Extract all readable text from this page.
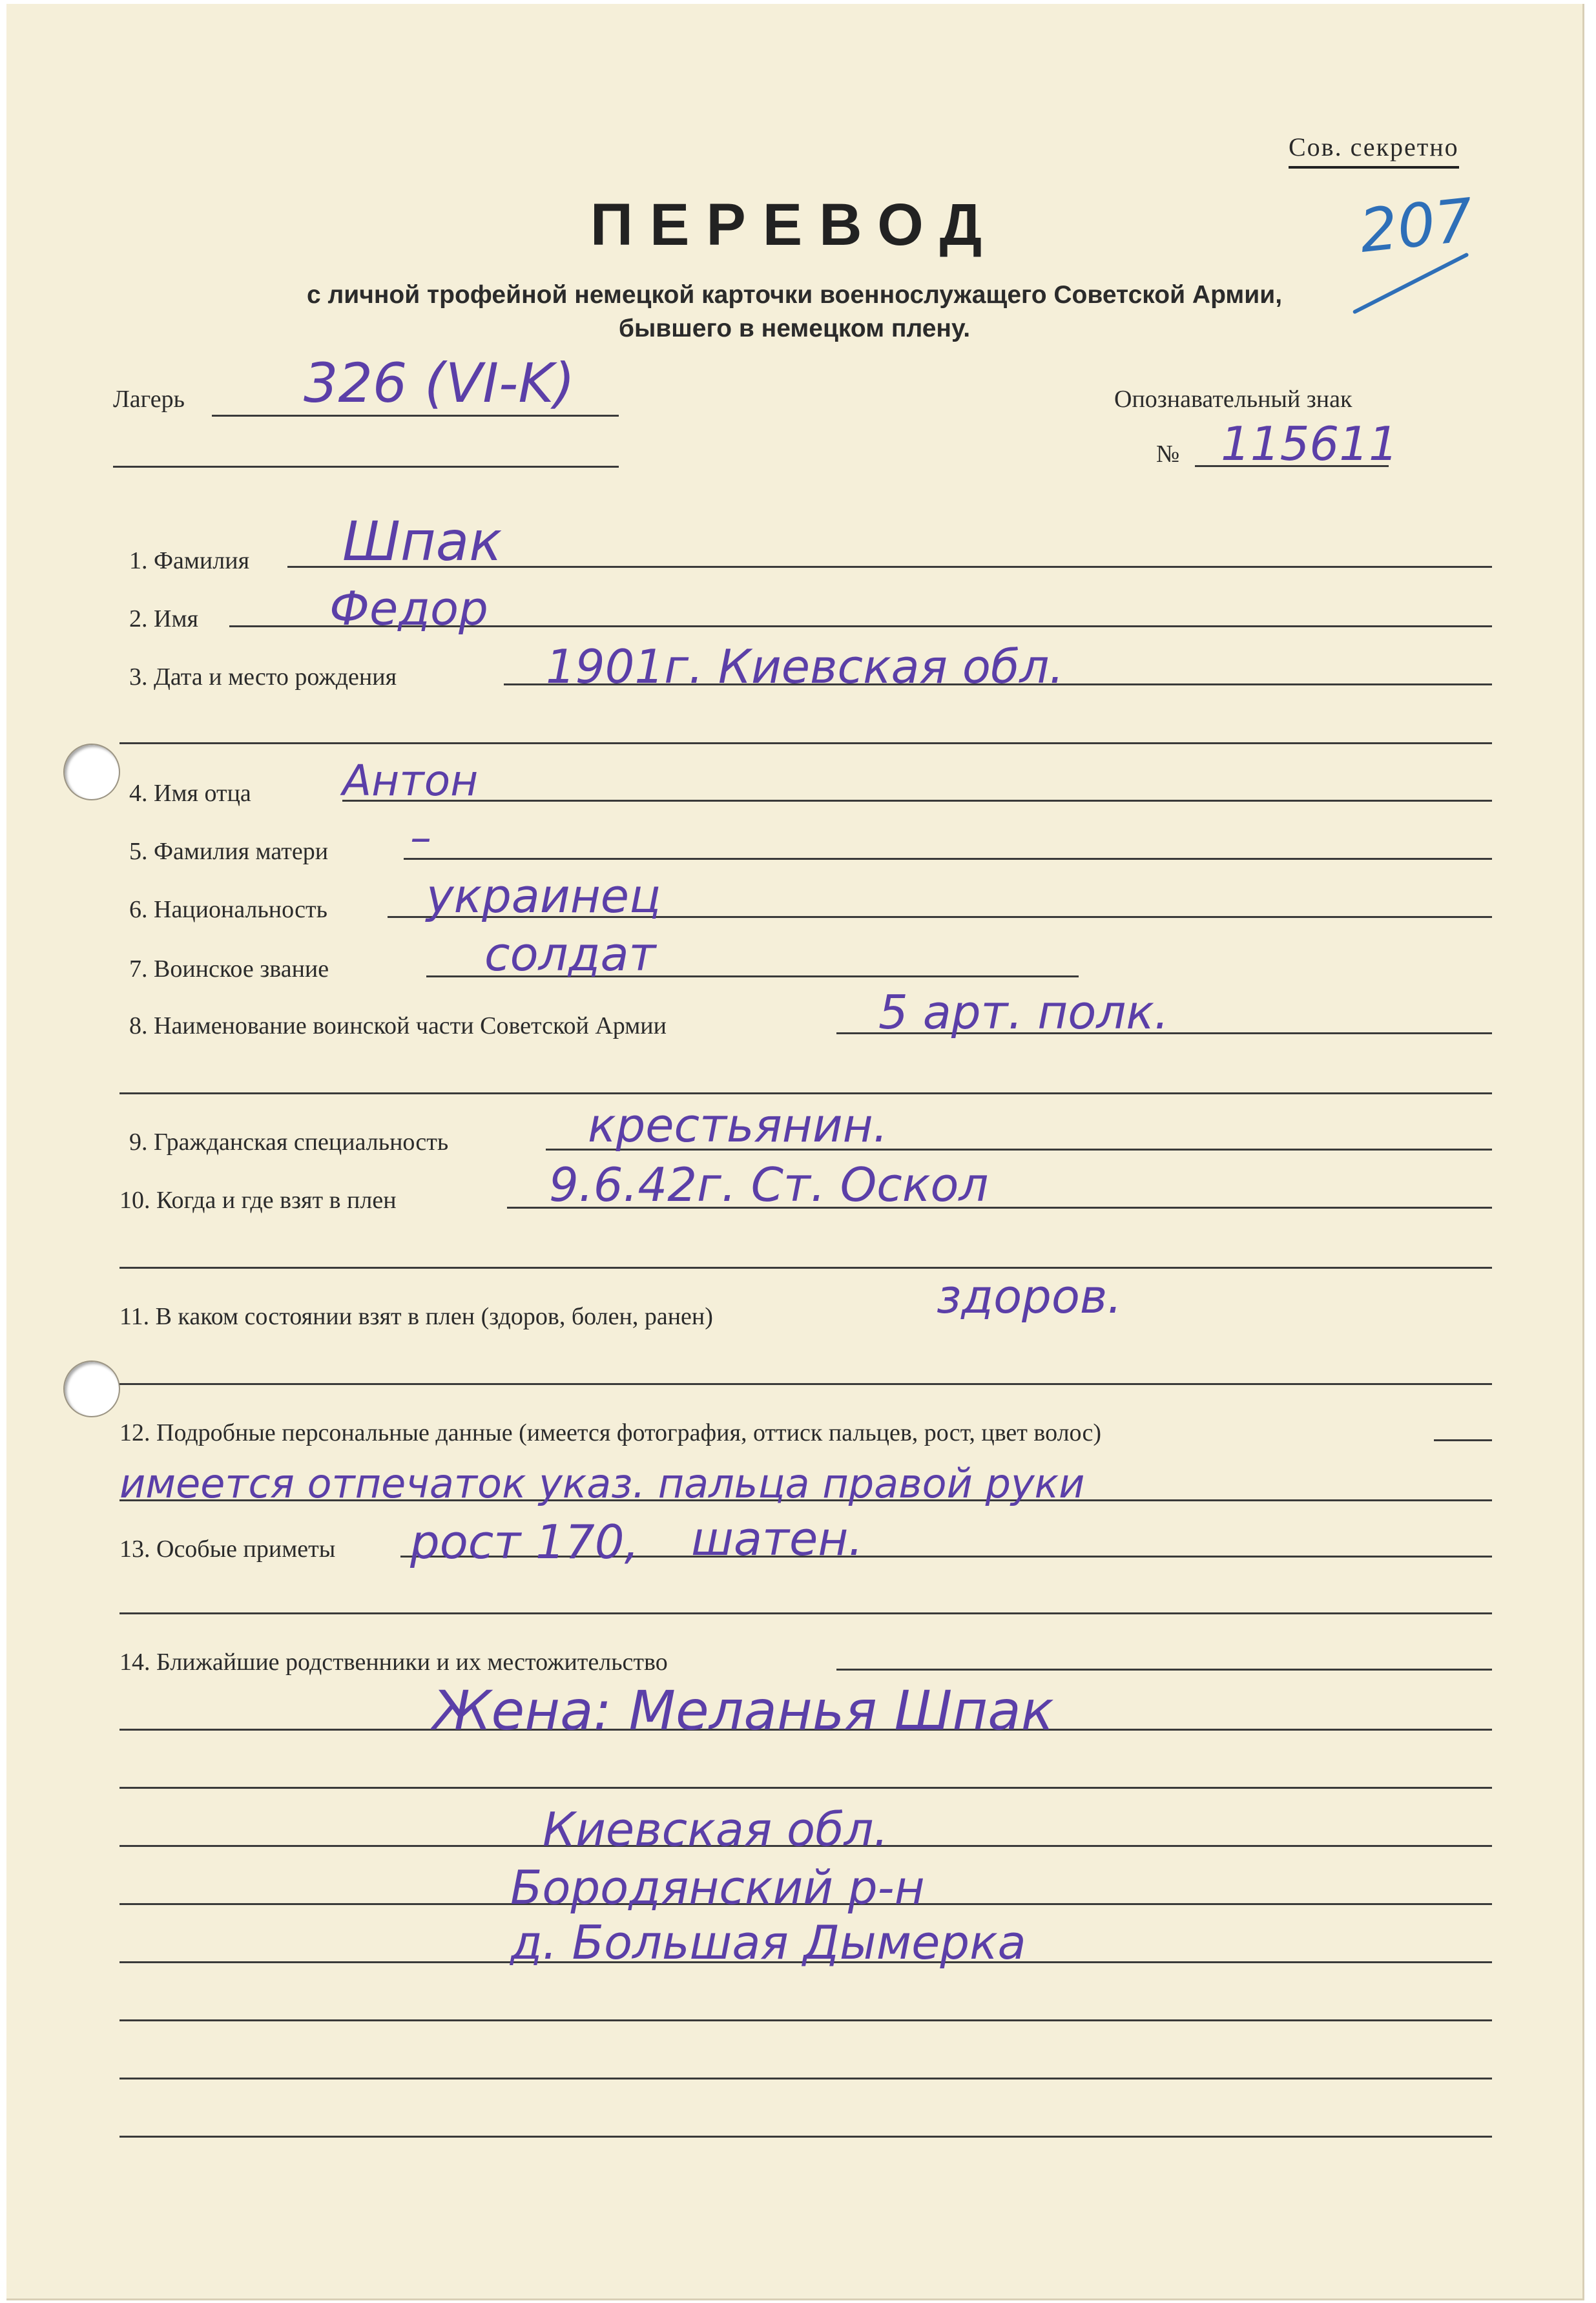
Сов. секретно
207
ПЕРЕВОД
с личной трофейной немецкой карточки военнослужащего Советской Армии,
бывшего в немецком плену.
Лагерь 326 (VI-K)	Опознавательный знак
№ 115611
1. Фамилия Шпак
2. Имя	Федор
3. Дата и место рождения	1901г. Киевская обл.
4. Имя отца Антон
5. Фамилия матери –
6. Национальность украинец
7. Воинское звание	солдат
8. Наименование воинской части Советской Армии	5 арт. полк.
9. Гражданская специальность	крестьянин.
10. Когда и где взят в плен	9.6.42г. Ст. Оскол
11. В каком состоянии взят в плен (здоров, болен, ранен)	здоров.
12. Подробные персональные данные (имеется фотография, оттиск пальцев, рост, цвет волос)
имеется отпечаток указ. пальца правой руки
13. Особые приметы рост 170, шатен.
14. Ближайшие родственники и их местожительство
Жена: Меланья Шпак
Киевская обл.
Бородянский р-н
д. Большая Дымерка
